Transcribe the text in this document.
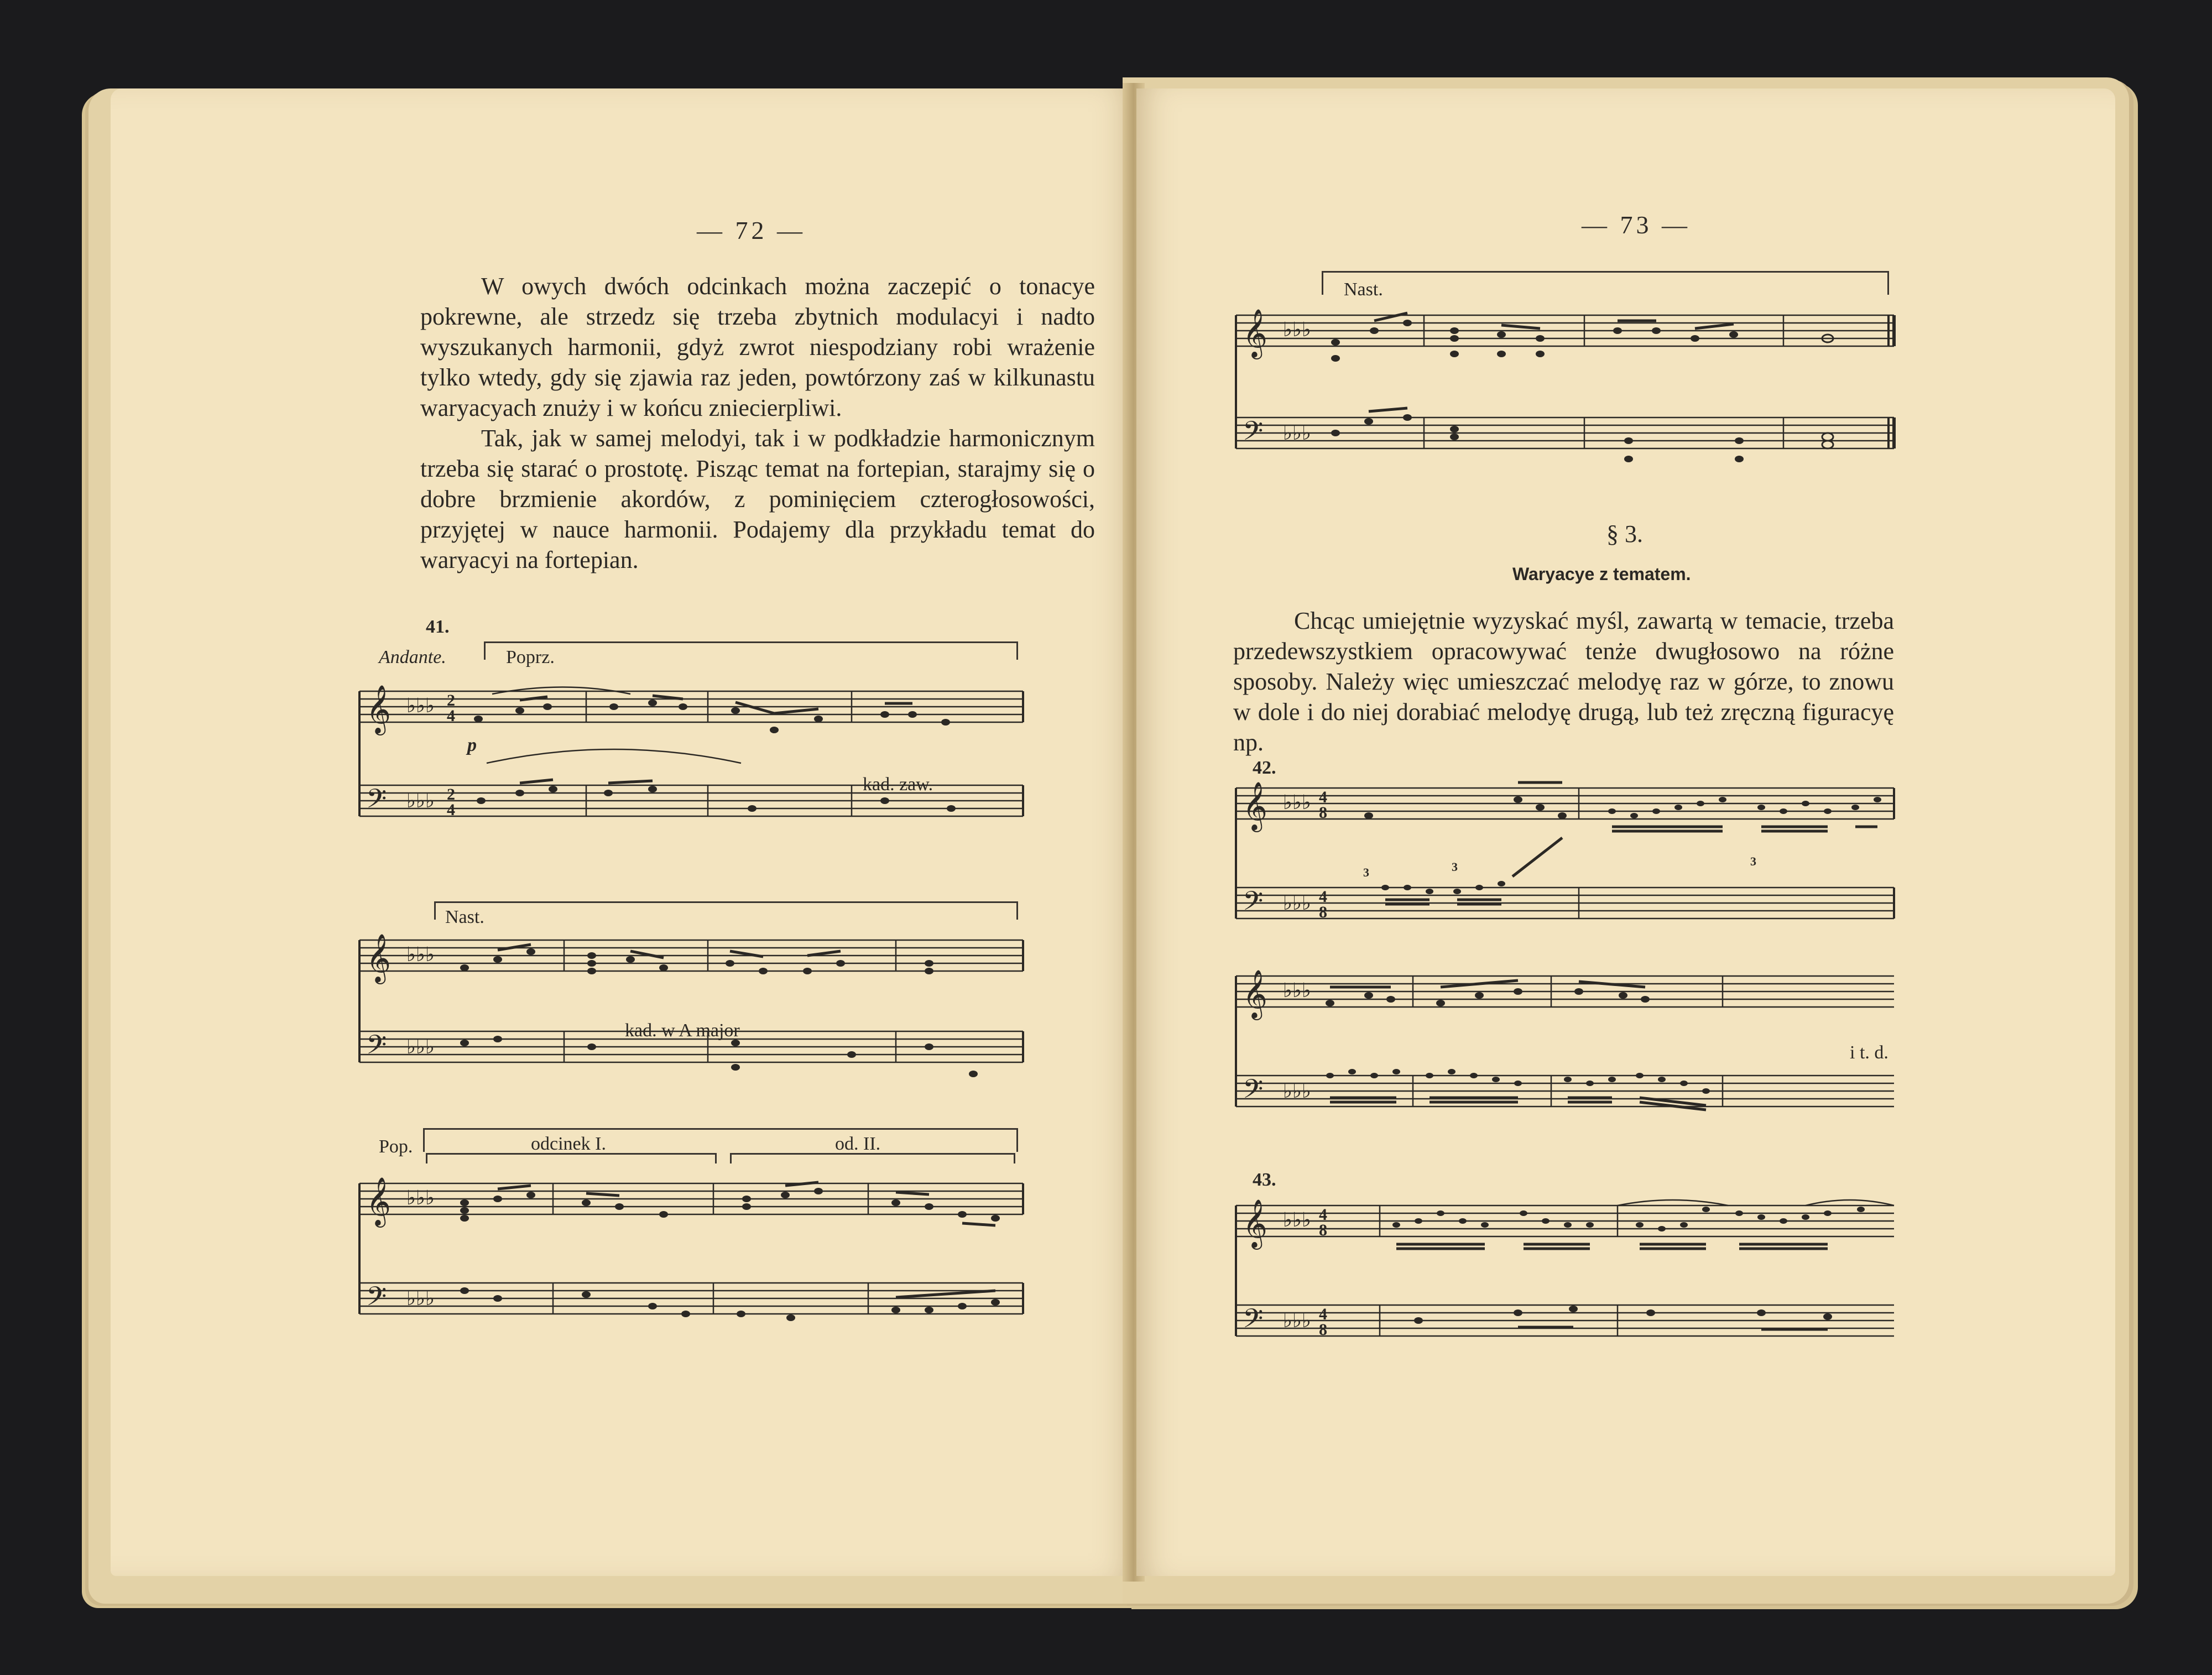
— 72 —

W owych dwóch odcinkach można zaczepić o tonacye pokrewne, ale strzedz się trzeba zbytnich modulacyi i nadto wyszukanych harmonii, gdyż zwrot niespodziany robi wrażenie tylko wtedy, gdy się zjawia raz jeden, powtórzony zaś w kilkunastu waryacyach znuży i w końcu zniecierpliwi.

Tak, jak w samej melodyi, tak i w podkładzie harmonicznym trzeba się starać o prostotę. Pisząc temat na fortepian, starajmy się o dobre brzmienie akordów, z pominięciem czterogłosowości, przyjętej w nauce harmonii. Podajemy dla przykładu temat do waryacyi na fortepian.

41.
Andante.	Poprz.
𝄞
𝄢
♭♭♭
♭♭♭
2
4
2
4
p
kad. zaw.
Nast.
𝄞
𝄢
♭♭♭
♭♭♭
kad. w A major
Pop.	odcinek I.	od. II.
𝄞
𝄢
♭♭♭
♭♭♭
— 73 —
Nast.
𝄞
𝄢
♭♭♭
♭♭♭
§ 3.
Waryacye z tematem.

Chcąc umiejętnie wyzyskać myśl, zawartą w temacie, trzeba przedewszystkiem opracowywać tenże dwugłosowo na różne sposoby. Należy więc umieszczać melodyę raz w górze, to znowu w dole i do niej dorabiać melodyę drugą, lub też zręczną figuracyę np.

42.
𝄞
𝄢
♭♭♭
♭♭♭
4
8
4
8
3	3	3
𝄞
𝄢
♭♭♭
♭♭♭
i t. d.
43.
𝄞
𝄢
♭♭♭
♭♭♭
4
8
4
8
